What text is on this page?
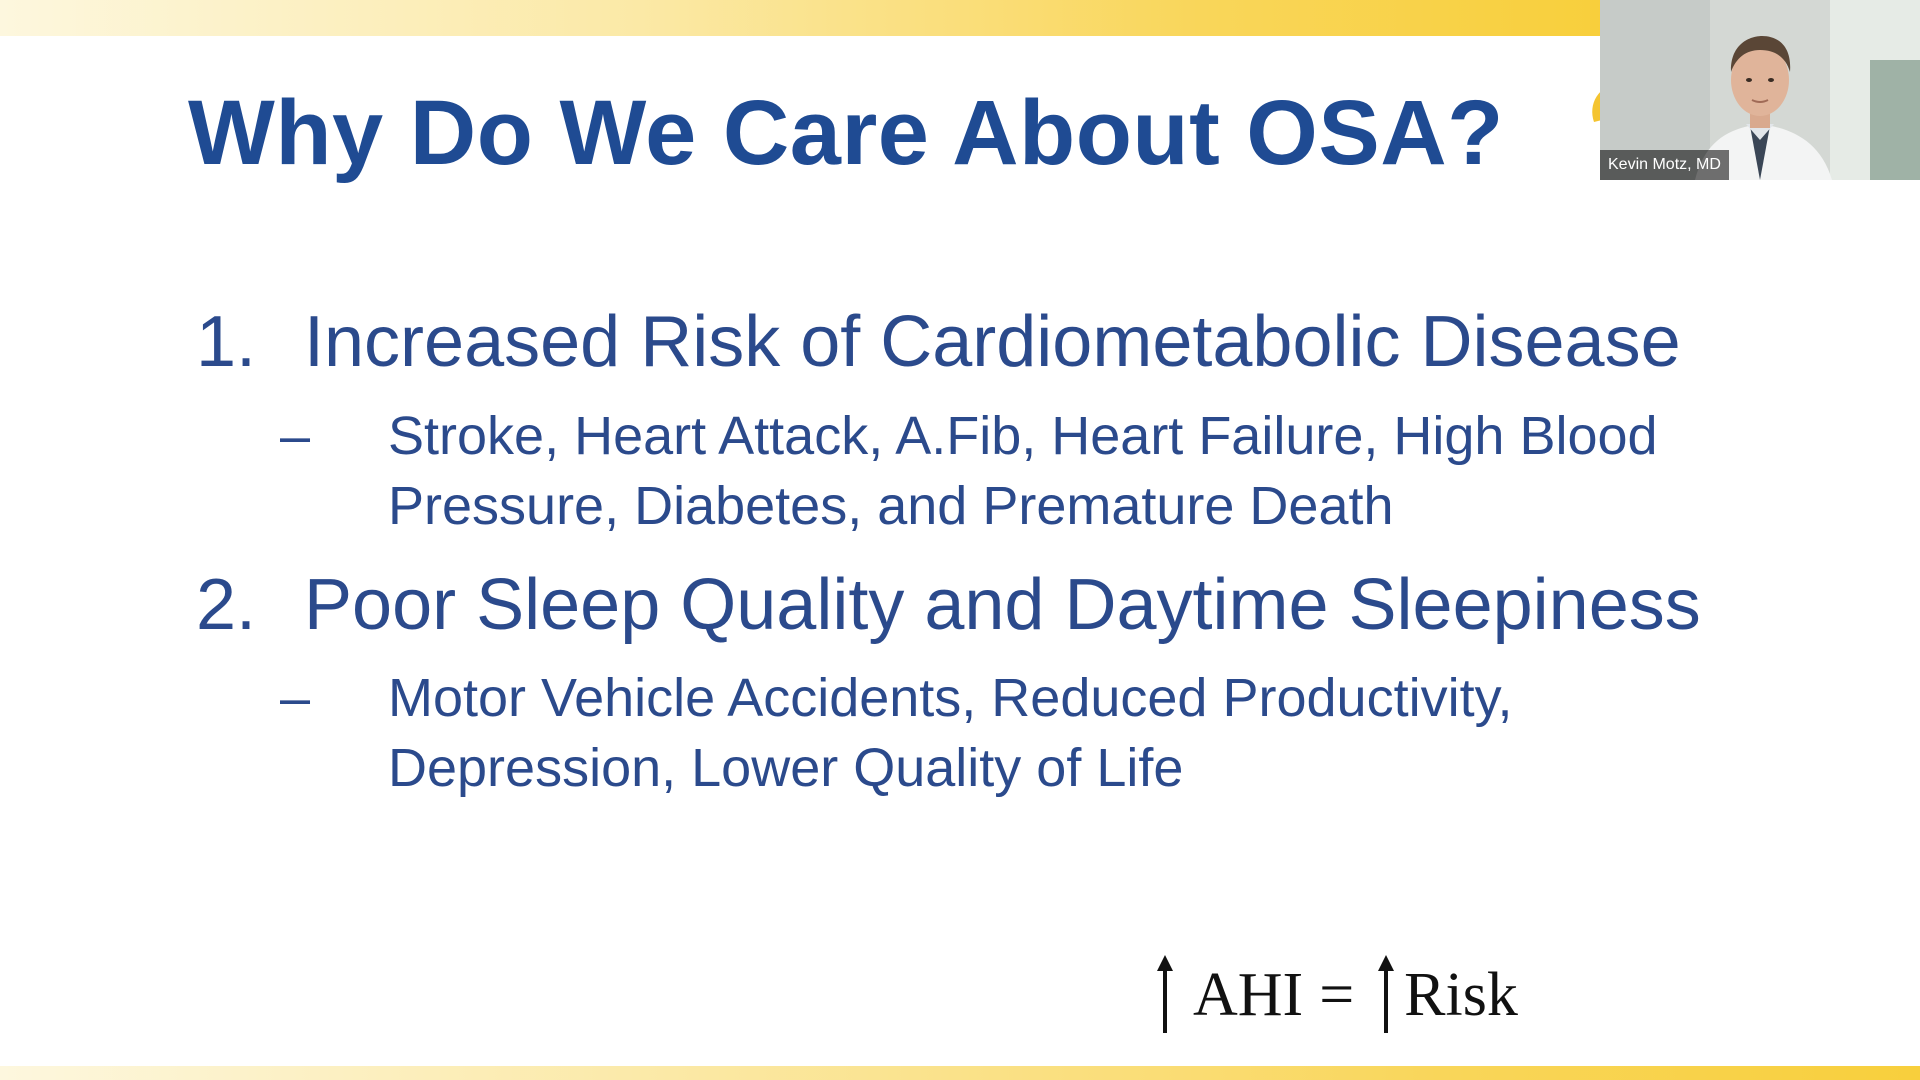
Why Do We Care About OSA?
1. Increased Risk of Cardiometabolic Disease
– Stroke, Heart Attack, A.Fib, Heart Failure, High Blood Pressure, Diabetes, and Premature Death
2. Poor Sleep Quality and Daytime Sleepiness
– Motor Vehicle Accidents, Reduced Productivity, Depression, Lower Quality of Life
AHI = Risk
Kevin Motz, MD
